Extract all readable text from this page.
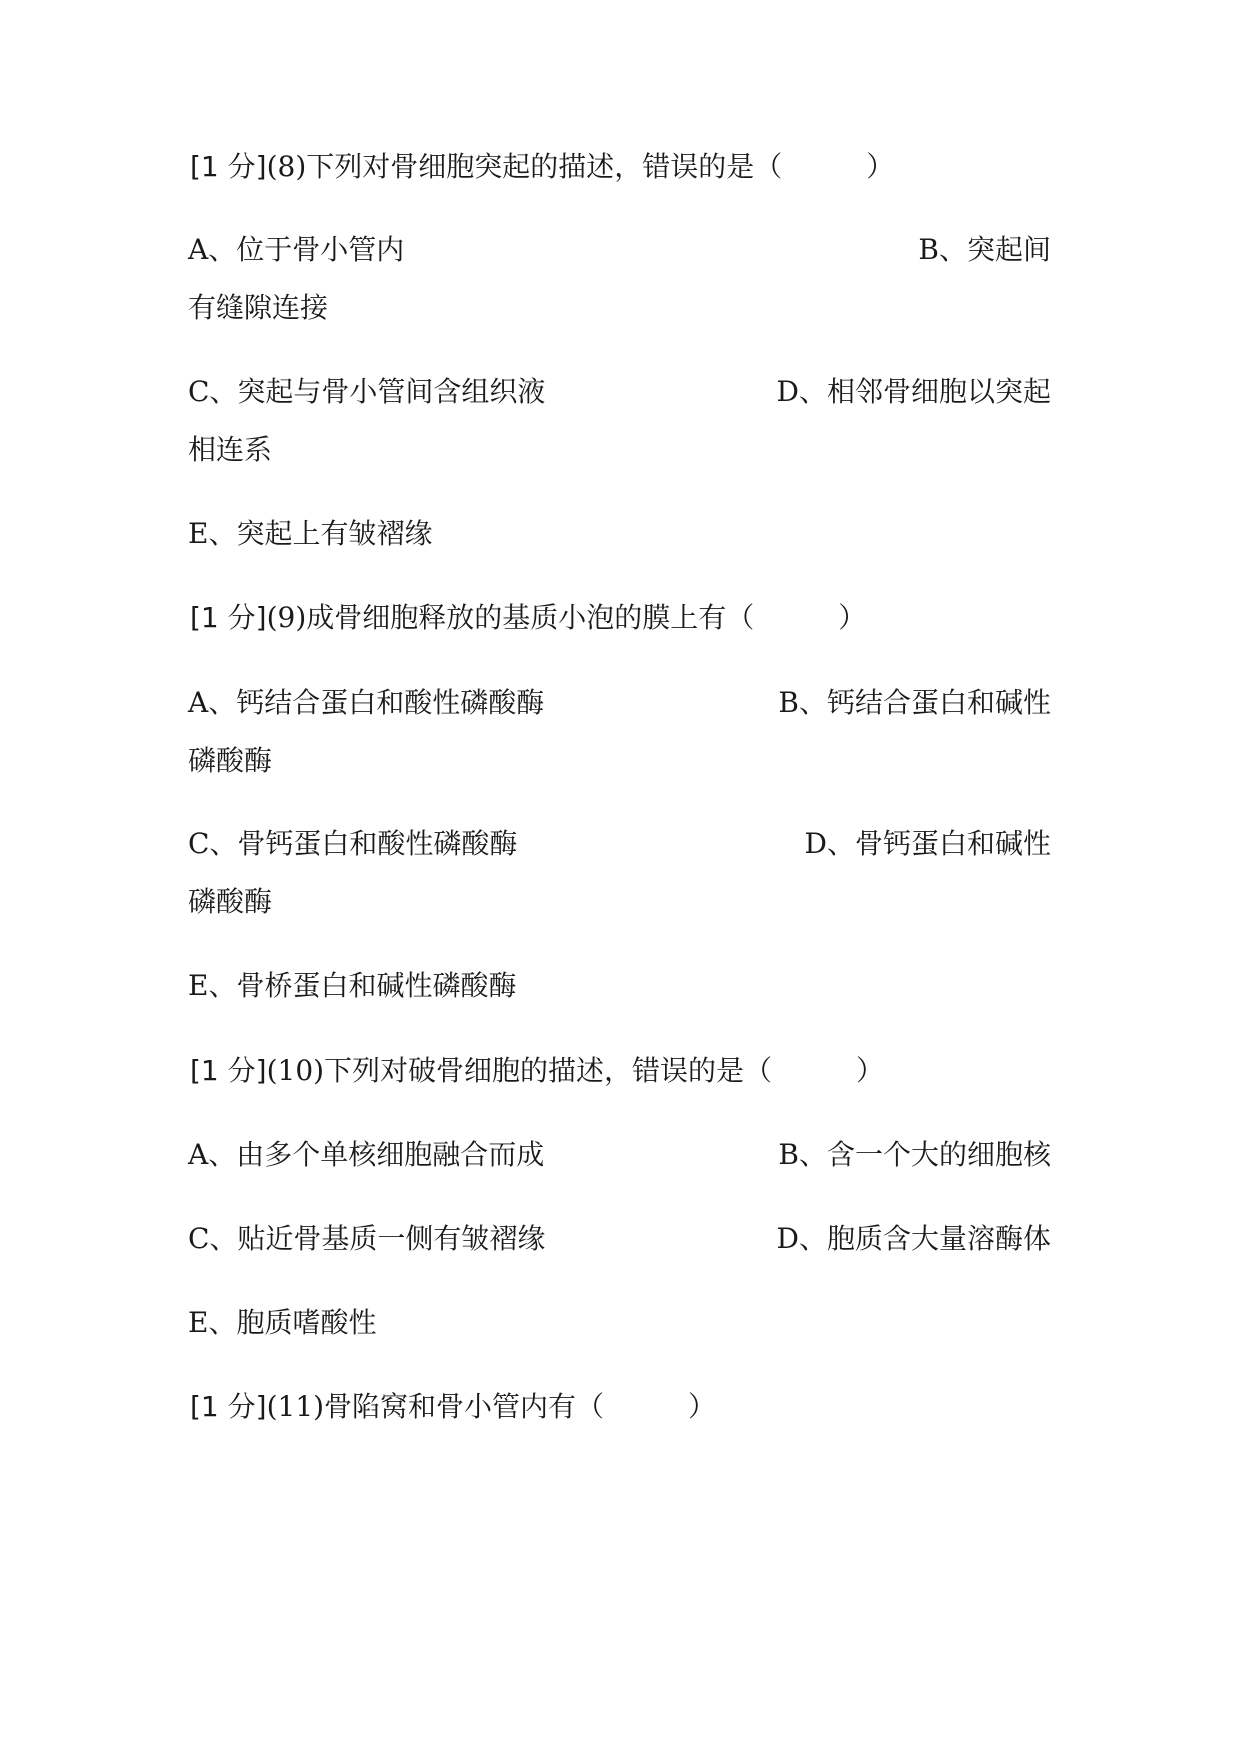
[1 分](8)下列对骨细胞突起的描述，错误的是（　　　）
A、位于骨小管内	B、突起间
有缝隙连接
C、突起与骨小管间含组织液	D、相邻骨细胞以突起
相连系
E、突起上有皱褶缘
[1 分](9)成骨细胞释放的基质小泡的膜上有（　　　）
A、钙结合蛋白和酸性磷酸酶	B、钙结合蛋白和碱性
磷酸酶
C、骨钙蛋白和酸性磷酸酶	D、骨钙蛋白和碱性
磷酸酶
E、骨桥蛋白和碱性磷酸酶
[1 分](10)下列对破骨细胞的描述，错误的是（　　　）
A、由多个单核细胞融合而成	B、含一个大的细胞核
C、贴近骨基质一侧有皱褶缘	D、胞质含大量溶酶体
E、胞质嗜酸性
[1 分](11)骨陷窝和骨小管内有（　　　）
